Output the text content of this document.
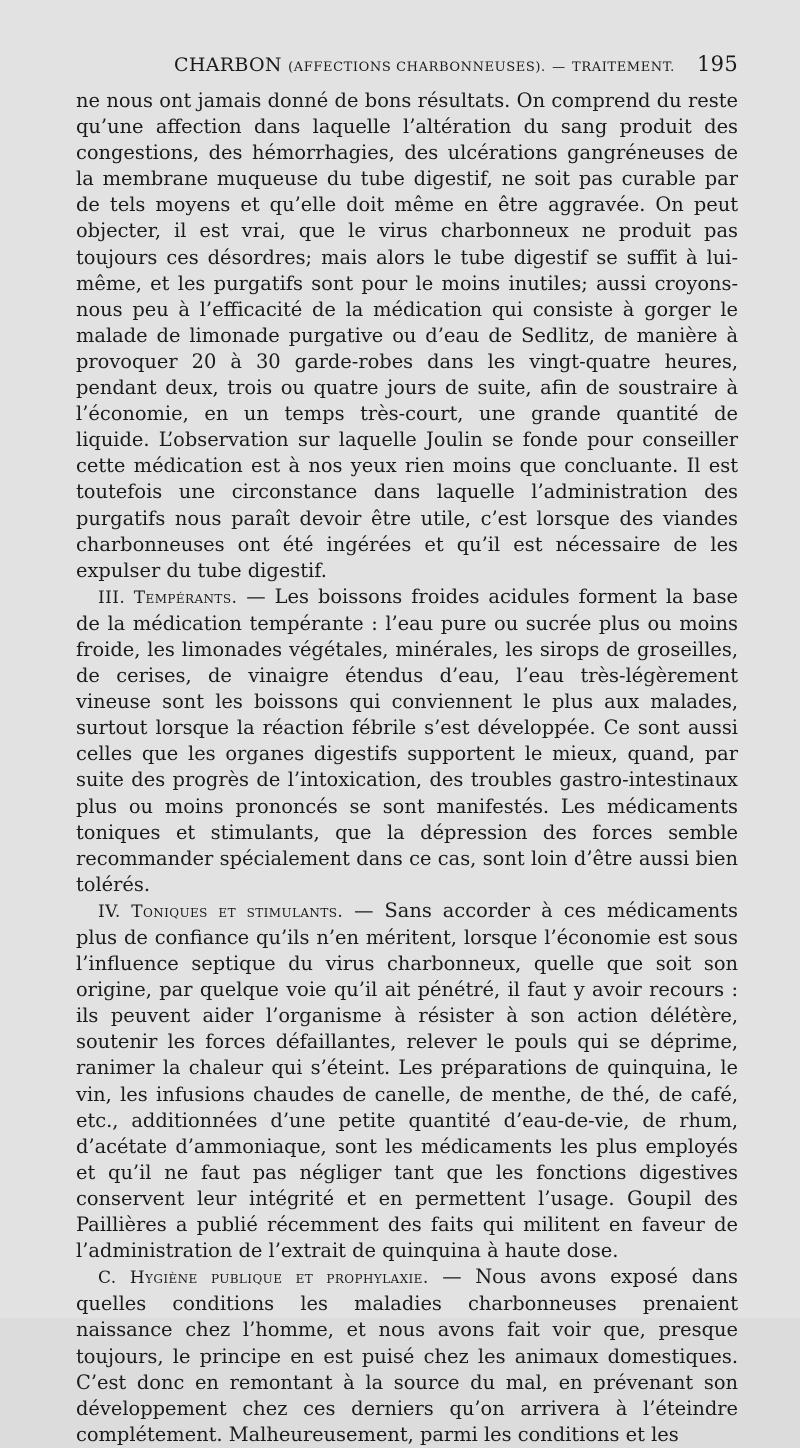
CHARBON (AFFECTIONS CHARBONNEUSES). — TRAITEMENT. 195

ne nous ont jamais donné de bons résultats. On comprend du reste qu’une affection dans laquelle l’altération du sang produit des congestions, des hémorrhagies, des ulcérations gangréneuses de la membrane muqueuse du tube digestif, ne soit pas curable par de tels moyens et qu’elle doit même en être aggravée. On peut objecter, il est vrai, que le virus charbonneux ne produit pas toujours ces désordres; mais alors le tube digestif se suffit à lui-même, et les purgatifs sont pour le moins inutiles; aussi croyons-nous peu à l’efficacité de la médication qui consiste à gorger le malade de limonade purgative ou d’eau de Sedlitz, de manière à provoquer 20 à 30 garde-robes dans les vingt-quatre heures, pendant deux, trois ou quatre jours de suite, afin de soustraire à l’économie, en un temps très-court, une grande quantité de liquide. L’observation sur laquelle Joulin se fonde pour conseiller cette médication est à nos yeux rien moins que concluante. Il est toutefois une circonstance dans laquelle l’administration des purgatifs nous paraît devoir être utile, c’est lorsque des viandes charbonneuses ont été ingérées et qu’il est nécessaire de les expulser du tube digestif.

III. Tempérants. — Les boissons froides acidules forment la base de la médication tempérante : l’eau pure ou sucrée plus ou moins froide, les limonades végétales, minérales, les sirops de groseilles, de cerises, de vinaigre étendus d’eau, l’eau très-légèrement vineuse sont les boissons qui conviennent le plus aux malades, surtout lorsque la réaction fébrile s’est développée. Ce sont aussi celles que les organes digestifs supportent le mieux, quand, par suite des progrès de l’intoxication, des troubles gastro-intestinaux plus ou moins prononcés se sont manifestés. Les médicaments toniques et stimulants, que la dépression des forces semble recommander spécialement dans ce cas, sont loin d’être aussi bien tolérés.

IV. Toniques et stimulants. — Sans accorder à ces médicaments plus de confiance qu’ils n’en méritent, lorsque l’économie est sous l’influence septique du virus charbonneux, quelle que soit son origine, par quelque voie qu’il ait pénétré, il faut y avoir recours : ils peuvent aider l’organisme à résister à son action délétère, soutenir les forces défaillantes, relever le pouls qui se déprime, ranimer la chaleur qui s’éteint. Les préparations de quinquina, le vin, les infusions chaudes de canelle, de menthe, de thé, de café, etc., additionnées d’une petite quantité d’eau-de-vie, de rhum, d’acétate d’ammoniaque, sont les médicaments les plus employés et qu’il ne faut pas négliger tant que les fonctions digestives conservent leur intégrité et en permettent l’usage. Goupil des Paillières a publié récemment des faits qui militent en faveur de l’administration de l’extrait de quinquina à haute dose.

C. Hygiène publique et prophylaxie. — Nous avons exposé dans quelles conditions les maladies charbonneuses prenaient naissance chez l’homme, et nous avons fait voir que, presque toujours, le principe en est puisé chez les animaux domestiques. C’est donc en remontant à la source du mal, en prévenant son développement chez ces derniers qu’on arrivera à l’éteindre complétement. Malheureusement, parmi les conditions et les
